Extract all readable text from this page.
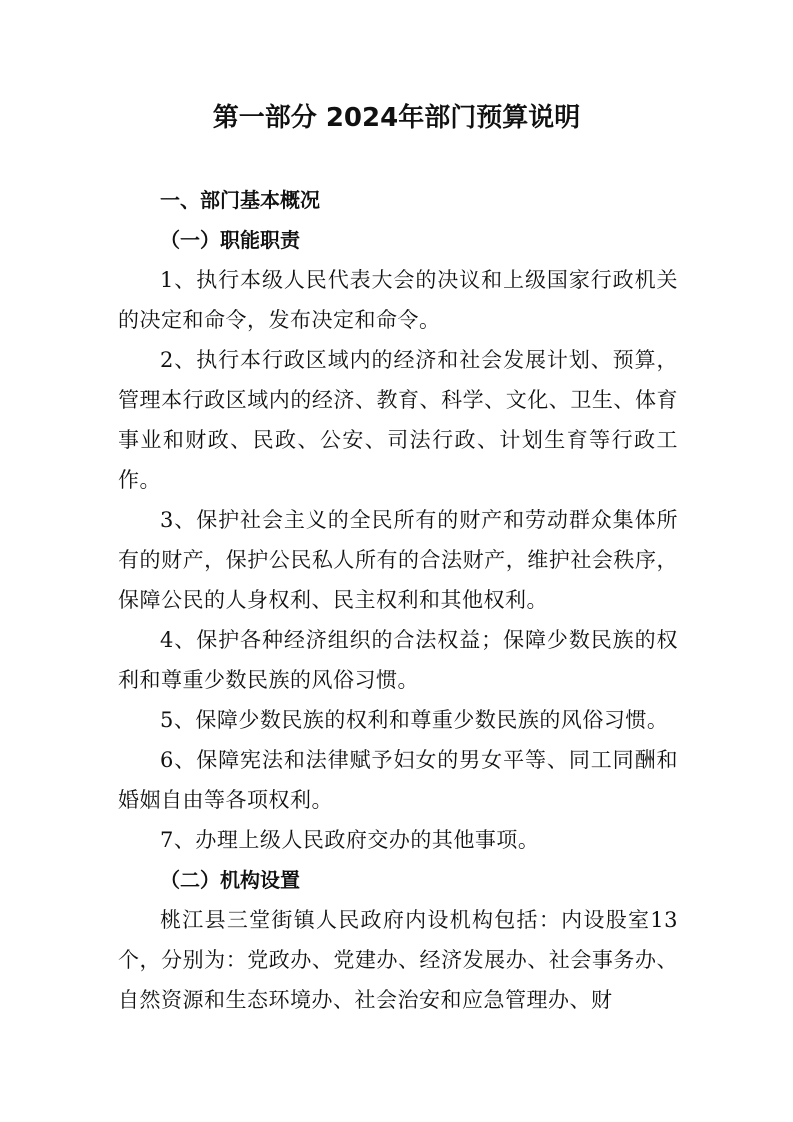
第一部分 2024年部门预算说明
一、部门基本概况
（一）职能职责

1、执行本级人民代表大会的决议和上级国家行政机关的决定和命令，发布决定和命令。

2、执行本行政区域内的经济和社会发展计划、预算，管理本行政区域内的经济、教育、科学、文化、卫生、体育事业和财政、民政、公安、司法行政、计划生育等行政工作。

3、保护社会主义的全民所有的财产和劳动群众集体所有的财产，保护公民私人所有的合法财产，维护社会秩序，保障公民的人身权利、民主权利和其他权利。

4、保护各种经济组织的合法权益；保障少数民族的权利和尊重少数民族的风俗习惯。

5、保障少数民族的权利和尊重少数民族的风俗习惯。

6、保障宪法和法律赋予妇女的男女平等、同工同酬和婚姻自由等各项权利。

7、办理上级人民政府交办的其他事项。

（二）机构设置

桃江县三堂街镇人民政府内设机构包括：内设股室13个，分别为：党政办、党建办、经济发展办、社会事务办、自然资源和生态环境办、社会治安和应急管理办、财
